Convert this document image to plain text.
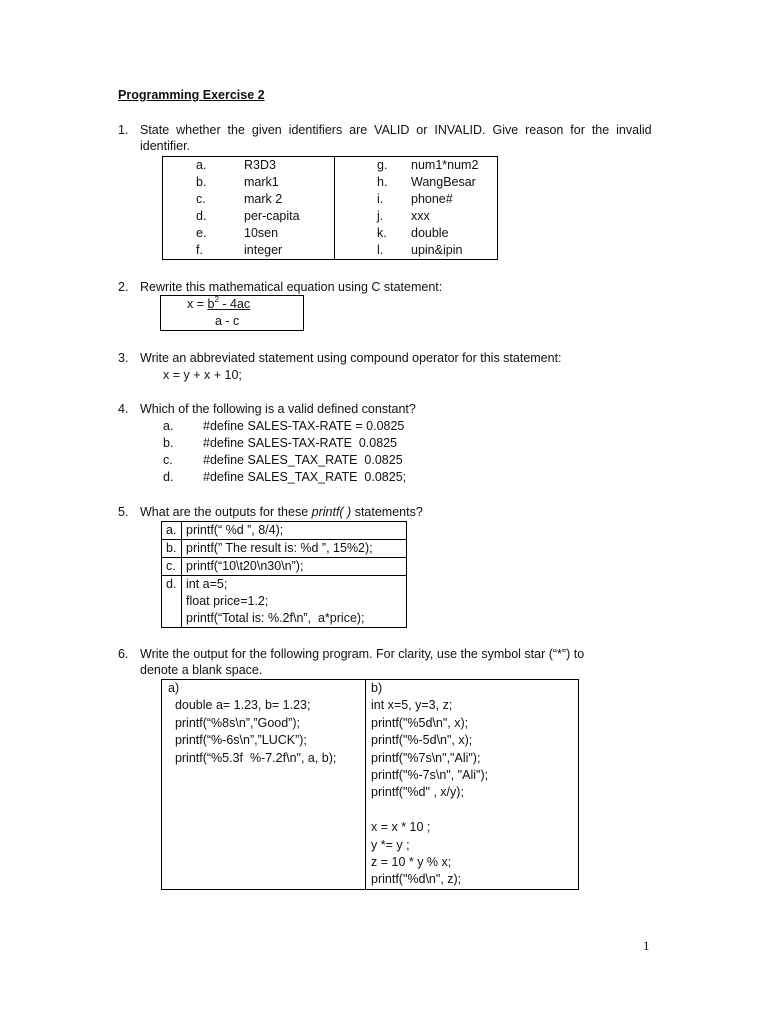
Programming Exercise 2
1. State  whether  the  given  identifiers  are  VALID  or  INVALID.  Give  reason  for  the  invalid
identifier.
a.	R3D3	g.	num1*num2
b.	mark1	h.	WangBesar
c.	mark 2	i.	phone#
d.	per-capita	j.	xxx
e.	10sen	k.	double
f.	integer	l.	upin&ipin
2. Rewrite this mathematical equation using C statement:
$x = b^2 - 4ac$
a - c
3. Write an abbreviated statement using compound operator for this statement:
x = y + x + 10;
4. Which of the following is a valid defined constant?
a. #define SALES-TAX-RATE = 0.0825
b. #define SALES-TAX-RATE  0.0825
c. #define SALES_TAX_RATE  0.0825
d. #define SALES_TAX_RATE  0.0825;
5. What are the outputs for these printf( ) statements?
a.	printf(“ %d ”, 8/4);
b.	printf(” The result is: %d ”, 15%2);
c.	printf(“10\t20\n30\n”);
d.	int a=5;
float price=1.2;
printf(“Total is: %.2f\n”,  a*price);
6. Write the output for the following program. For clarity, use the symbol star (“*”) to
denote a blank space.
a)
double a= 1.23, b= 1.23;
printf(“%8s\n”,”Good”);
printf(“%-6s\n”,”LUCK”);
printf(“%5.3f  %-7.2f\n", a, b);

b)
int x=5, y=3, z;
printf("%5d\n", x);
printf("%-5d\n", x);
printf("%7s\n","Ali");
printf("%-7s\n", "Ali");
printf("%d" , x/y);

x = x * 10 ;
y *= y ;
z = 10 * y % x;
printf("%d\n", z);
1
